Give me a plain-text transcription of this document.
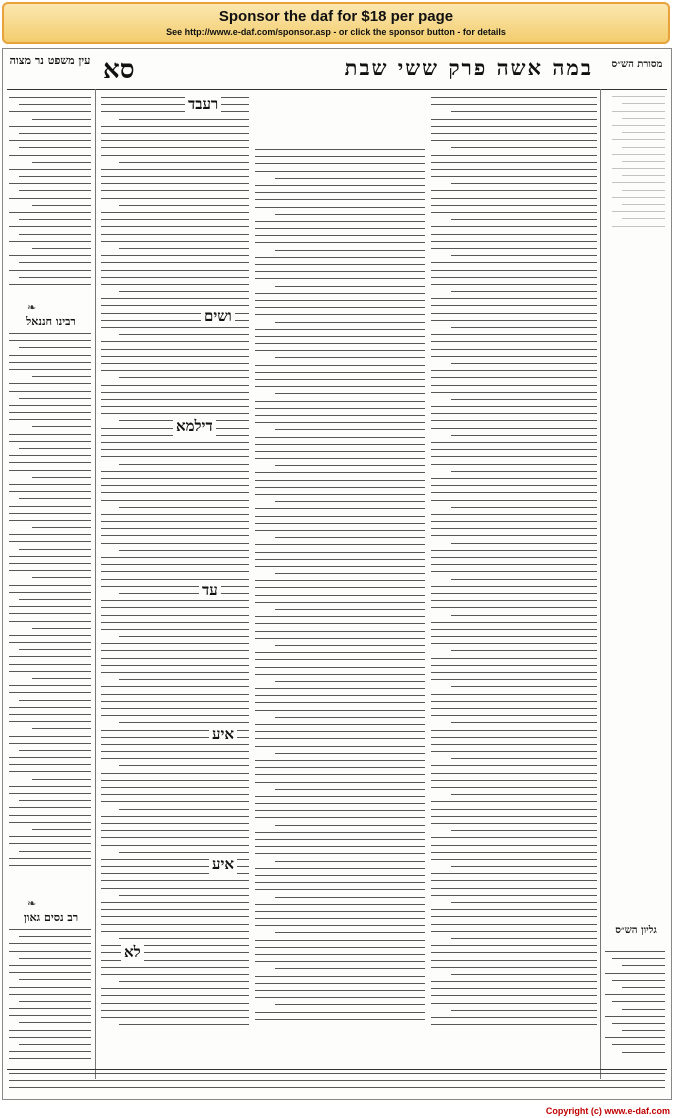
Sponsor the daf for $18 per page
See http://www.e-daf.com/sponsor.asp - or click the sponsor button - for details
במה אשה פרק ששי שבת
סא
עין משפט נר מצוה	מסורת הש״ס
❧
רבינו חננאל
❧
רב נסים גאון
רעבד
ושים
דילמא
עד
איע
איע
לא
גליון הש״ס
Copyright (c) www.e-daf.com
